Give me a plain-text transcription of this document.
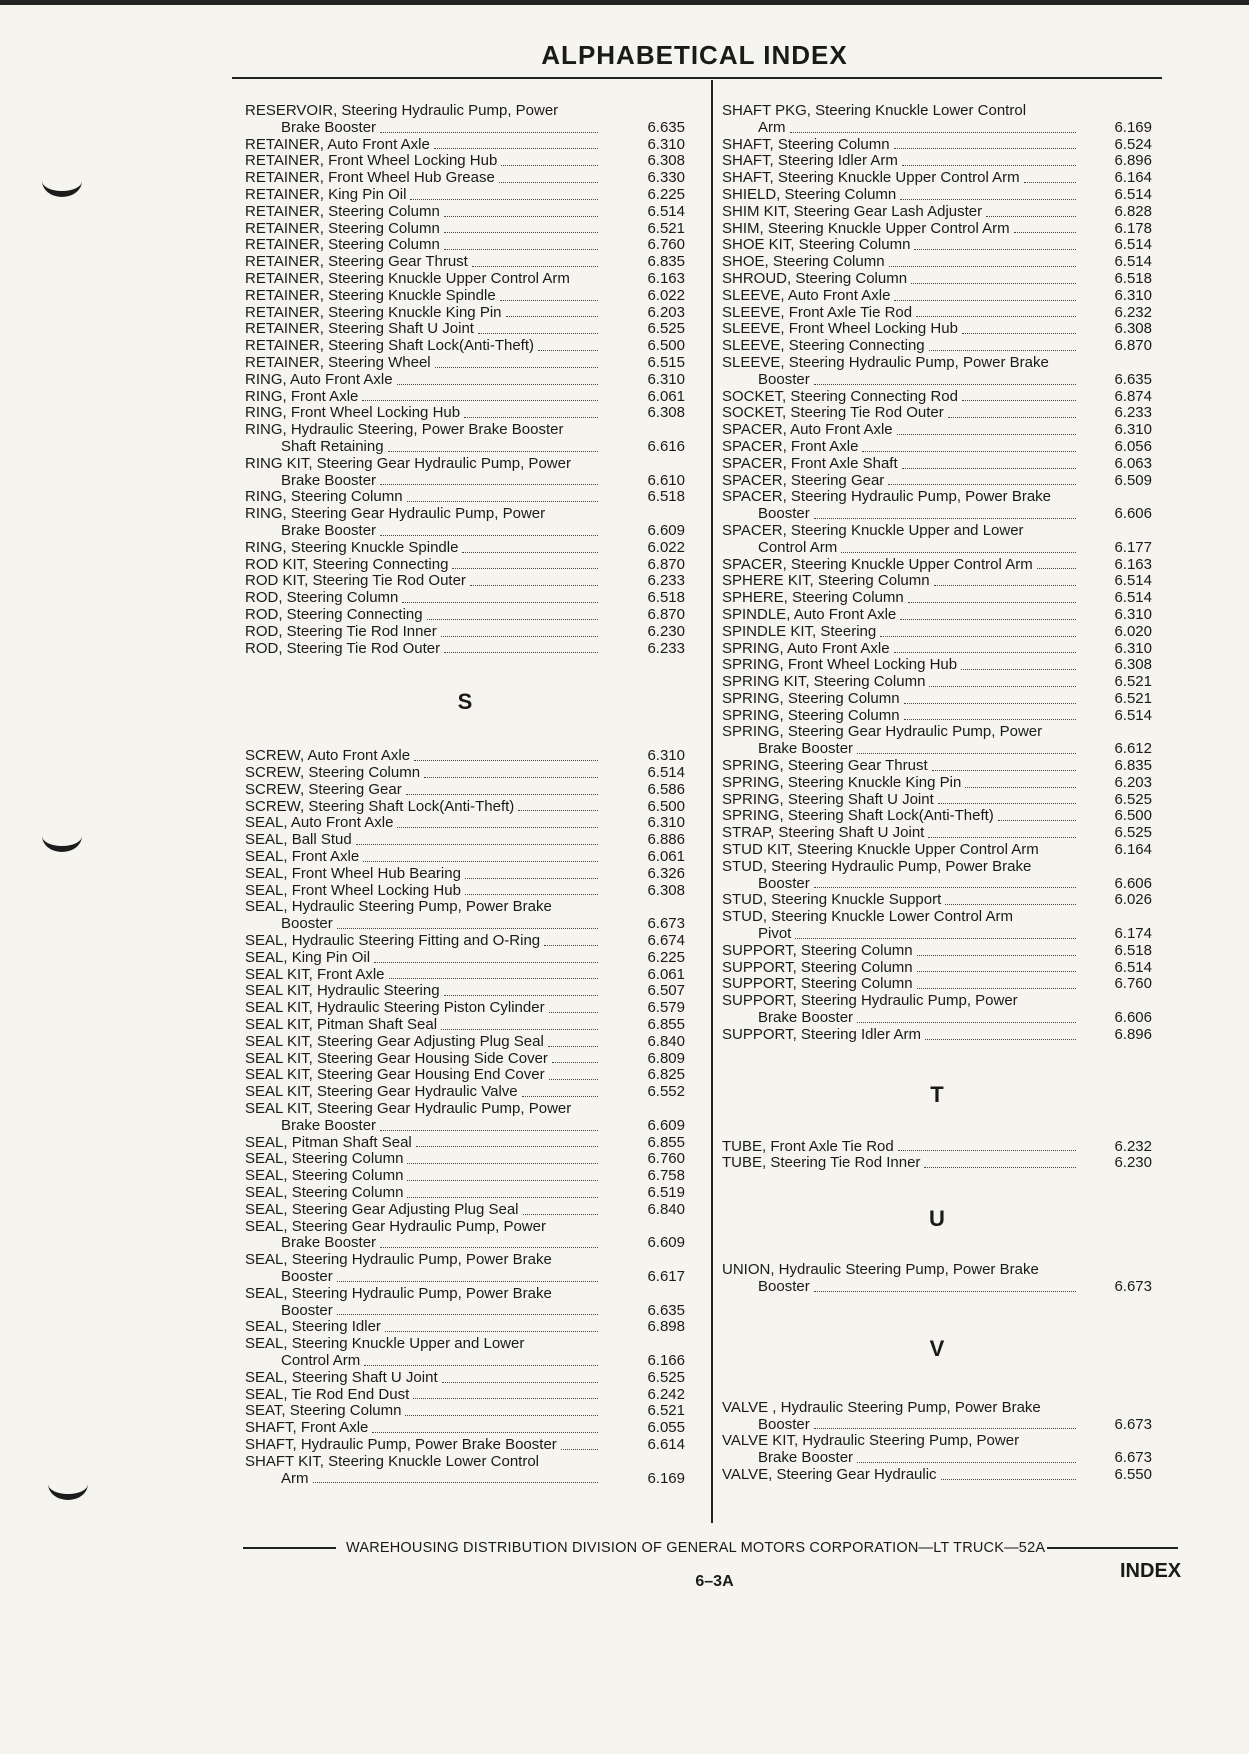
ALPHABETICAL INDEX
RESERVOIR, Steering Hydraulic Pump, Power
Brake Booster	6.635
RETAINER, Auto Front Axle	6.310
RETAINER, Front Wheel Locking Hub	6.308
RETAINER, Front Wheel Hub Grease	6.330
RETAINER, King Pin Oil	6.225
RETAINER, Steering Column	6.514
RETAINER, Steering Column	6.521
RETAINER, Steering Column	6.760
RETAINER, Steering Gear Thrust	6.835
RETAINER, Steering Knuckle Upper Control Arm	6.163
RETAINER, Steering Knuckle Spindle	6.022
RETAINER, Steering Knuckle King Pin	6.203
RETAINER, Steering Shaft U Joint	6.525
RETAINER, Steering Shaft Lock(Anti-Theft)	6.500
RETAINER, Steering Wheel	6.515
RING, Auto Front Axle	6.310
RING, Front Axle	6.061
RING, Front Wheel Locking Hub	6.308
RING, Hydraulic Steering, Power Brake Booster
Shaft Retaining	6.616
RING KIT, Steering Gear Hydraulic Pump, Power
Brake Booster	6.610
RING, Steering Column	6.518
RING, Steering Gear Hydraulic Pump, Power
Brake Booster	6.609
RING, Steering Knuckle Spindle	6.022
ROD KIT, Steering Connecting	6.870
ROD KIT, Steering Tie Rod Outer	6.233
ROD, Steering Column	6.518
ROD, Steering Connecting	6.870
ROD, Steering Tie Rod Inner	6.230
ROD, Steering Tie Rod Outer	6.233
S
SCREW, Auto Front Axle	6.310
SCREW, Steering Column	6.514
SCREW, Steering Gear	6.586
SCREW, Steering Shaft Lock(Anti-Theft)	6.500
SEAL, Auto Front Axle	6.310
SEAL, Ball Stud	6.886
SEAL, Front Axle	6.061
SEAL, Front Wheel Hub Bearing	6.326
SEAL, Front Wheel Locking Hub	6.308
SEAL, Hydraulic Steering Pump, Power Brake
Booster	6.673
SEAL, Hydraulic Steering Fitting and O-Ring	6.674
SEAL, King Pin Oil	6.225
SEAL KIT, Front Axle	6.061
SEAL KIT, Hydraulic Steering	6.507
SEAL KIT, Hydraulic Steering Piston Cylinder	6.579
SEAL KIT, Pitman Shaft Seal	6.855
SEAL KIT, Steering Gear Adjusting Plug Seal	6.840
SEAL KIT, Steering Gear Housing Side Cover	6.809
SEAL KIT, Steering Gear Housing End Cover	6.825
SEAL KIT, Steering Gear Hydraulic Valve	6.552
SEAL KIT, Steering Gear Hydraulic Pump, Power
Brake Booster	6.609
SEAL, Pitman Shaft Seal	6.855
SEAL, Steering Column	6.760
SEAL, Steering Column	6.758
SEAL, Steering Column	6.519
SEAL, Steering Gear Adjusting Plug Seal	6.840
SEAL, Steering Gear Hydraulic Pump, Power
Brake Booster	6.609
SEAL, Steering Hydraulic Pump, Power Brake
Booster	6.617
SEAL, Steering Hydraulic Pump, Power Brake
Booster	6.635
SEAL, Steering Idler	6.898
SEAL, Steering Knuckle Upper and Lower
Control Arm	6.166
SEAL, Steering Shaft U Joint	6.525
SEAL, Tie Rod End Dust	6.242
SEAT, Steering Column	6.521
SHAFT, Front Axle	6.055
SHAFT, Hydraulic Pump, Power Brake Booster	6.614
SHAFT KIT, Steering Knuckle Lower Control
Arm	6.169
SHAFT PKG, Steering Knuckle Lower Control
Arm	6.169
SHAFT, Steering Column	6.524
SHAFT, Steering Idler Arm	6.896
SHAFT, Steering Knuckle Upper Control Arm	6.164
SHIELD, Steering Column	6.514
SHIM KIT, Steering Gear Lash Adjuster	6.828
SHIM, Steering Knuckle Upper Control Arm	6.178
SHOE KIT, Steering Column	6.514
SHOE, Steering Column	6.514
SHROUD, Steering Column	6.518
SLEEVE, Auto Front Axle	6.310
SLEEVE, Front Axle Tie Rod	6.232
SLEEVE, Front Wheel Locking Hub	6.308
SLEEVE, Steering Connecting	6.870
SLEEVE, Steering Hydraulic Pump, Power Brake
Booster	6.635
SOCKET, Steering Connecting Rod	6.874
SOCKET, Steering Tie Rod Outer	6.233
SPACER, Auto Front Axle	6.310
SPACER, Front Axle	6.056
SPACER, Front Axle Shaft	6.063
SPACER, Steering Gear	6.509
SPACER, Steering Hydraulic Pump, Power Brake
Booster	6.606
SPACER, Steering Knuckle Upper and Lower
Control Arm	6.177
SPACER, Steering Knuckle Upper Control Arm	6.163
SPHERE KIT, Steering Column	6.514
SPHERE, Steering Column	6.514
SPINDLE, Auto Front Axle	6.310
SPINDLE KIT, Steering	6.020
SPRING, Auto Front Axle	6.310
SPRING, Front Wheel Locking Hub	6.308
SPRING KIT, Steering Column	6.521
SPRING, Steering Column	6.521
SPRING, Steering Column	6.514
SPRING, Steering Gear Hydraulic Pump, Power
Brake Booster	6.612
SPRING, Steering Gear Thrust	6.835
SPRING, Steering Knuckle King Pin	6.203
SPRING, Steering Shaft U Joint	6.525
SPRING, Steering Shaft Lock(Anti-Theft)	6.500
STRAP, Steering Shaft U Joint	6.525
STUD KIT, Steering Knuckle Upper Control Arm	6.164
STUD, Steering Hydraulic Pump, Power Brake
Booster	6.606
STUD, Steering Knuckle Support	6.026
STUD, Steering Knuckle Lower Control Arm
Pivot	6.174
SUPPORT, Steering Column	6.518
SUPPORT, Steering Column	6.514
SUPPORT, Steering Column	6.760
SUPPORT, Steering Hydraulic Pump, Power
Brake Booster	6.606
SUPPORT, Steering Idler Arm	6.896
T
TUBE, Front Axle Tie Rod	6.232
TUBE, Steering Tie Rod Inner	6.230
U
UNION, Hydraulic Steering Pump, Power Brake
Booster	6.673
V
VALVE , Hydraulic Steering Pump, Power Brake
Booster	6.673
VALVE KIT, Hydraulic Steering Pump, Power
Brake Booster	6.673
VALVE, Steering Gear Hydraulic	6.550
WAREHOUSING DISTRIBUTION DIVISION OF GENERAL MOTORS CORPORATION—LT TRUCK—52A
6–3A	INDEX
